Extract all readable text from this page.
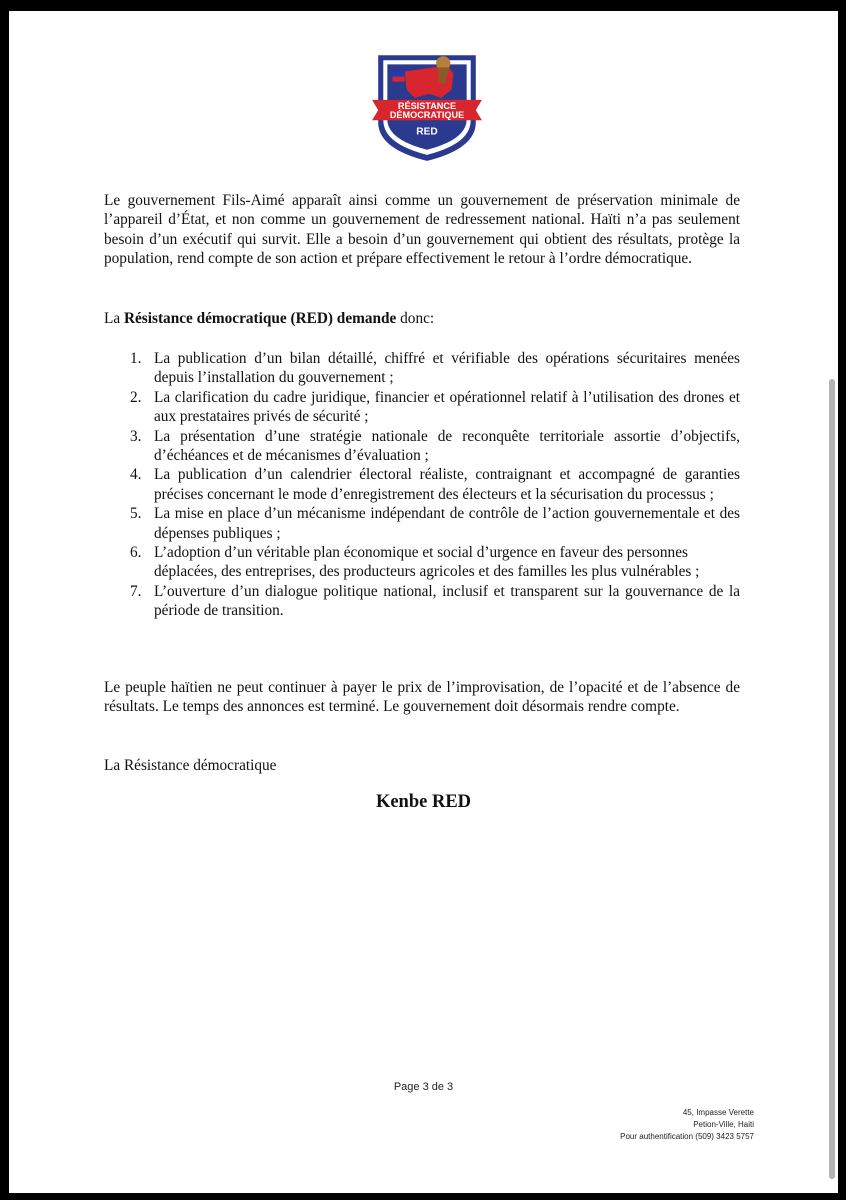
RÉSISTANCE
DÉMOCRATIQUE
RED
Le gouvernement Fils-Aimé apparaît ainsi comme un gouvernement de préservation minimale de l’appareil d’État, et non comme un gouvernement de redressement national. Haïti n’a pas seulement besoin d’un exécutif qui survit. Elle a besoin d’un gouvernement qui obtient des résultats, protège la population, rend compte de son action et prépare effectivement le retour à l’ordre démocratique.
La Résistance démocratique (RED) demande donc:
1. La publication d’un bilan détaillé, chiffré et vérifiable des opérations sécuritaires menées depuis l’installation du gouvernement ;
2. La clarification du cadre juridique, financier et opérationnel relatif à l’utilisation des drones et aux prestataires privés de sécurité ;
3. La présentation d’une stratégie nationale de reconquête territoriale assortie d’objectifs, d’échéances et de mécanismes d’évaluation ;
4. La publication d’un calendrier électoral réaliste, contraignant et accompagné de garanties précises concernant le mode d’enregistrement des électeurs et la sécurisation du processus ;
5. La mise en place d’un mécanisme indépendant de contrôle de l’action gouvernementale et des dépenses publiques ;
6. L’adoption d’un véritable plan économique et social d’urgence en faveur des personnes déplacées, des entreprises, des producteurs agricoles et des familles les plus vulnérables ;
7. L’ouverture d’un dialogue politique national, inclusif et transparent sur la gouvernance de la période de transition.
Le peuple haïtien ne peut continuer à payer le prix de l’improvisation, de l’opacité et de l’absence de résultats. Le temps des annonces est terminé. Le gouvernement doit désormais rendre compte.
La Résistance démocratique
Kenbe RED
Page 3 de 3
45, Impasse Verette
Petion-Ville, Haiti
Pour authentification (509) 3423 5757
